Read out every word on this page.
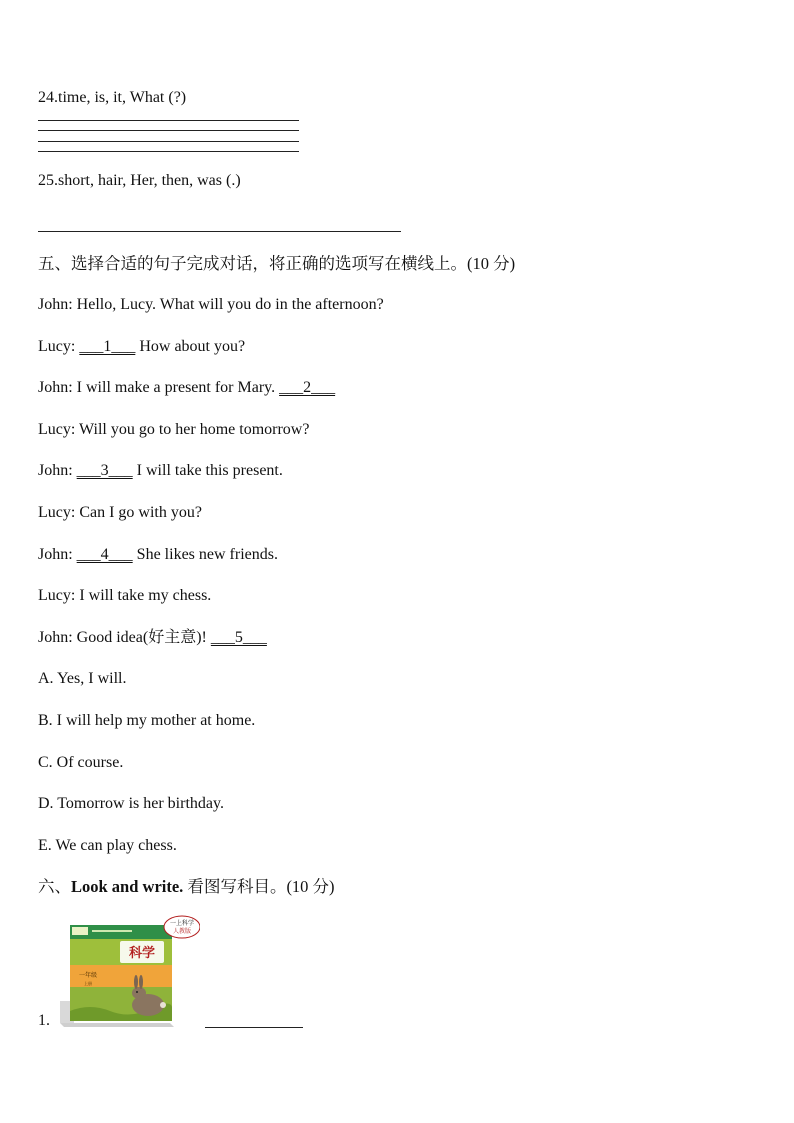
24.time, is, it, What (?)
25.short, hair, Her, then, was (.)
五、选择合适的句子完成对话，将正确的选项写在横线上。(10 分)
John: Hello, Lucy. What will you do in the afternoon?
Lucy: ___1___ How about you?
John: I will make a present for Mary. ___2___
Lucy: Will you go to her home tomorrow?
John: ___3___ I will take this present.
Lucy: Can I go with you?
John: ___4___ She likes new friends.
Lucy: I will take my chess.
John: Good idea(好主意)! ___5___
A. Yes, I will.
B. I will help my mother at home.
C. Of course.
D. Tomorrow is her birthday.
E. We can play chess.
六、Look and write. 看图写科目。(10 分)
1.
科学
一年级
上册
一上科学
人教版
